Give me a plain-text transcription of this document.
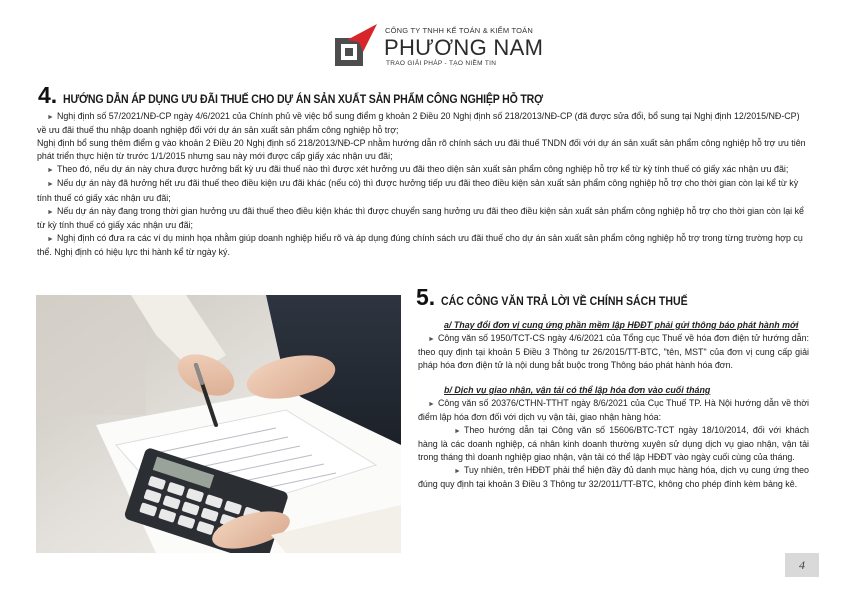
CÔNG TY TNHH KẾ TOÁN & KIỂM TOÁN
PHƯƠNG NAM
TRAO GIẢI PHÁP - TẠO NIỀM TIN
4. HƯỚNG DẪN ÁP DỤNG ƯU ĐÃI THUẾ CHO DỰ ÁN SẢN XUẤT SẢN PHẨM CÔNG NGHIỆP HỖ TRỢ

► Nghị định số 57/2021/NĐ-CP ngày 4/6/2021 của Chính phủ về việc bổ sung điểm g khoản 2 Điều 20 Nghị định số 218/2013/NĐ-CP (đã được sửa đổi, bổ sung tại Nghị định 12/2015/NĐ-CP) về ưu đãi thuế thu nhập doanh nghiệp đối với dự án sản xuất sản phẩm công nghiệp hỗ trợ;

Nghị định bổ sung thêm điểm g vào khoản 2 Điều 20 Nghị định số 218/2013/NĐ-CP nhằm hướng dẫn rõ chính sách ưu đãi thuế TNDN đối với dự án sản xuất sản phẩm công nghiệp hỗ trợ ưu tiên phát triển thực hiện từ trước 1/1/2015 nhưng sau này mới được cấp giấy xác nhận ưu đãi;

► Theo đó, nếu dự án này chưa được hưởng bất kỳ ưu đãi thuế nào thì được xét hưởng ưu đãi theo diện sản xuất sản phẩm công nghiệp hỗ trợ kể từ kỳ tính thuế có giấy xác nhận ưu đãi;

► Nếu dự án này đã hưởng hết ưu đãi thuế theo điều kiện ưu đãi khác (nếu có) thì được hưởng tiếp ưu đãi theo điều kiện sản xuất sản phẩm công nghiệp hỗ trợ cho thời gian còn lại kể từ kỳ tính thuế có giấy xác nhận ưu đãi;

► Nếu dự án này đang trong thời gian hưởng ưu đãi thuế theo điều kiện khác thì được chuyển sang hưởng ưu đãi theo điều kiện sản xuất sản phẩm công nghiệp hỗ trợ cho thời gian còn lại kể từ kỳ tính thuế có giấy xác nhận ưu đãi;

► Nghị định có đưa ra các ví dụ minh họa nhằm giúp doanh nghiệp hiểu rõ và áp dụng đúng chính sách ưu đãi thuế cho dự án sản xuất sản phẩm công nghiệp hỗ trợ trong từng trường hợp cụ thể. Nghị định có hiệu lực thi hành kể từ ngày ký.

5. CÁC CÔNG VĂN TRẢ LỜI VỀ CHÍNH SÁCH THUẾ

a/ Thay đổi đơn vị cung ứng phần mềm lập HĐĐT phải gửi thông báo phát hành mới

► Công văn số 1950/TCT-CS ngày 4/6/2021 của Tổng cục Thuế về hóa đơn điện tử hướng dẫn: theo quy định tại khoản 5 Điều 3 Thông tư 26/2015/TT-BTC, "tên, MST" của đơn vị cung cấp giải pháp hóa đơn điện tử là nội dung bắt buộc trong Thông báo phát hành hóa đơn.

b/ Dịch vụ giao nhận, vận tải có thể lập hóa đơn vào cuối tháng

► Công văn số 20376/CTHN-TTHT ngày 8/6/2021 của Cục Thuế TP. Hà Nội hướng dẫn về thời điểm lập hóa đơn đối với dịch vụ vận tải, giao nhận hàng hóa:

► Theo hướng dẫn tại Công văn số 15606/BTC-TCT ngày 18/10/2014, đối với khách hàng là các doanh nghiệp, cá nhân kinh doanh thường xuyên sử dụng dịch vụ giao nhận, vận tải trong tháng thì doanh nghiệp giao nhận, vận tải có thể lập HĐĐT vào ngày cuối cùng của tháng.

► Tuy nhiên, trên HĐĐT phải thể hiện đầy đủ danh mục hàng hóa, dịch vụ cung ứng theo đúng quy định tại khoản 3 Điều 3 Thông tư 32/2011/TT-BTC, không cho phép đính kèm bảng kê.

4
